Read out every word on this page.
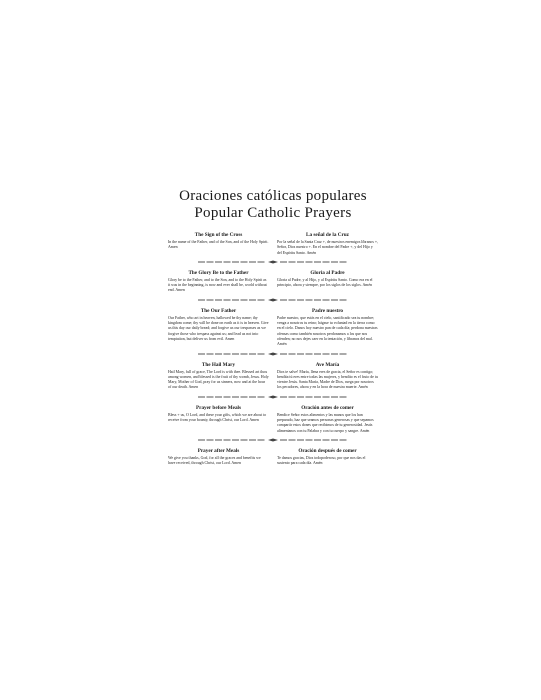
Oraciones católicas populares
Popular Catholic Prayers
The Sign of the Cross

In the name of the Father, and of the Son, and of the Holy Spirit. Amen

La señal de la Cruz

Por la señal de la Santa Cruz +, de nuestros enemigos líbranos +, Señor, Dios nuestro +. En el nombre del Padre +, y del Hijo y del Espíritu Santo. Amén

The Glory Be to the Father

Glory be to the Father, and to the Son, and to the Holy Spirit as it was in the beginning, is now and ever shall be, world without end. Amen

Gloria al Padre

Gloria al Padre, y al Hijo, y al Espíritu Santo. Como era en el principio, ahora y siempre, por los siglos de los siglos. Amén

The Our Father

Our Father, who art in heaven, hallowed be thy name; thy kingdom come; thy will be done on earth as it is in heaven. Give us this day our daily bread; and forgive us our trespasses as we forgive those who trespass against us; and lead us not into temptation, but deliver us from evil. Amen

Padre nuestro

Padre nuestro, que estás en el cielo, santificado sea tu nombre; venga a nosotros tu reino; hágase tu voluntad en la tierra como en el cielo. Danos hoy nuestro pan de cada día; perdona nuestras ofensas como también nosotros perdonamos a los que nos ofenden; no nos dejes caer en la tentación, y líbranos del mal. Amén

The Hail Mary

Hail Mary, full of grace, The Lord is with thee. Blessed art thou among women, and blessed is the fruit of thy womb, Jesus. Holy Mary, Mother of God, pray for us sinners, now and at the hour of our death. Amen

Ave María

Dios te salve! María, llena eres de gracia, el Señor es contigo; bendita tú eres entre todas las mujeres, y bendito es el fruto de tu vientre Jesús. Santa María, Madre de Dios, ruega por nosotros los pecadores, ahora y en la hora de nuestra muerte. Amén

Prayer before Meals

Bless + us, O Lord, and these your gifts, which we are about to receive from your bounty, through Christ, our Lord. Amen

Oración antes de comer

Bendice Señor estos alimentos y las manos que los han preparado, haz que seamos personas generosas y que sepamos compartir estos dones que recibimos de tu generosidad. Jesús alimentanos con tu Palabra y con tu cuerpo y sangre. Amén

Prayer after Meals

We give you thanks, God, for all the graces and benefits we have received, through Christ, our Lord. Amen

Oración después de comer

Te damos gracias, Dios todopoderoso, por que nos das el sustento para cada día. Amén
